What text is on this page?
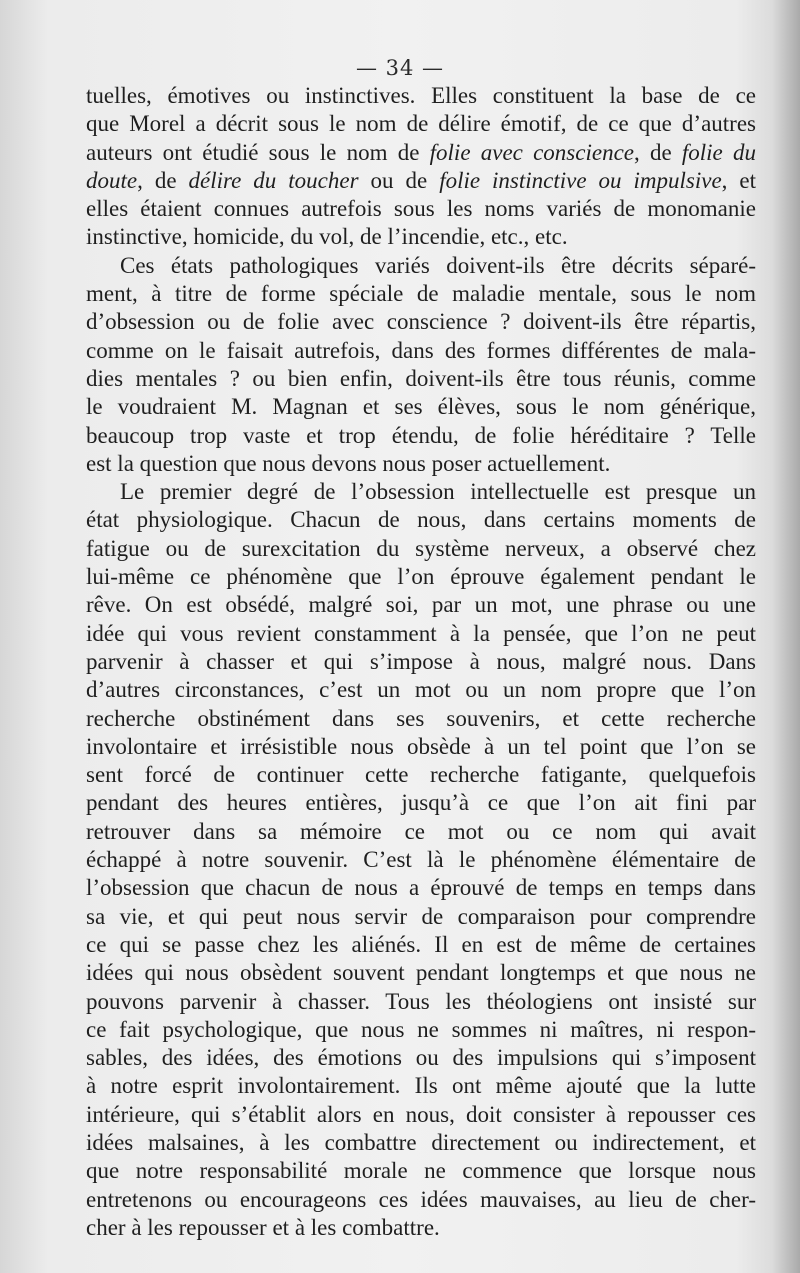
— 34 —
tuelles, émotives ou instinctives. Elles constituent la base de ce
que Morel a décrit sous le nom de délire émotif, de ce que d’autres
auteurs ont étudié sous le nom de folie avec conscience, de folie du
doute, de délire du toucher ou de folie instinctive ou impulsive, et
elles étaient connues autrefois sous les noms variés de monomanie
instinctive, homicide, du vol, de l’incendie, etc., etc.
Ces états pathologiques variés doivent-ils être décrits séparé-
ment, à titre de forme spéciale de maladie mentale, sous le nom
d’obsession ou de folie avec conscience ? doivent-ils être répartis,
comme on le faisait autrefois, dans des formes différentes de mala-
dies mentales ? ou bien enfin, doivent-ils être tous réunis, comme
le voudraient M. Magnan et ses élèves, sous le nom générique,
beaucoup trop vaste et trop étendu, de folie héréditaire ? Telle
est la question que nous devons nous poser actuellement.
Le premier degré de l’obsession intellectuelle est presque un
état physiologique. Chacun de nous, dans certains moments de
fatigue ou de surexcitation du système nerveux, a observé chez
lui-même ce phénomène que l’on éprouve également pendant le
rêve. On est obsédé, malgré soi, par un mot, une phrase ou une
idée qui vous revient constamment à la pensée, que l’on ne peut
parvenir à chasser et qui s’impose à nous, malgré nous. Dans
d’autres circonstances, c’est un mot ou un nom propre que l’on
recherche obstinément dans ses souvenirs, et cette recherche
involontaire et irrésistible nous obsède à un tel point que l’on se
sent forcé de continuer cette recherche fatigante, quelquefois
pendant des heures entières, jusqu’à ce que l’on ait fini par
retrouver dans sa mémoire ce mot ou ce nom qui avait
échappé à notre souvenir. C’est là le phénomène élémentaire de
l’obsession que chacun de nous a éprouvé de temps en temps dans
sa vie, et qui peut nous servir de comparaison pour comprendre
ce qui se passe chez les aliénés. Il en est de même de certaines
idées qui nous obsèdent souvent pendant longtemps et que nous ne
pouvons parvenir à chasser. Tous les théologiens ont insisté sur
ce fait psychologique, que nous ne sommes ni maîtres, ni respon-
sables, des idées, des émotions ou des impulsions qui s’imposent
à notre esprit involontairement. Ils ont même ajouté que la lutte
intérieure, qui s’établit alors en nous, doit consister à repousser ces
idées malsaines, à les combattre directement ou indirectement, et
que notre responsabilité morale ne commence que lorsque nous
entretenons ou encourageons ces idées mauvaises, au lieu de cher-
cher à les repousser et à les combattre.
